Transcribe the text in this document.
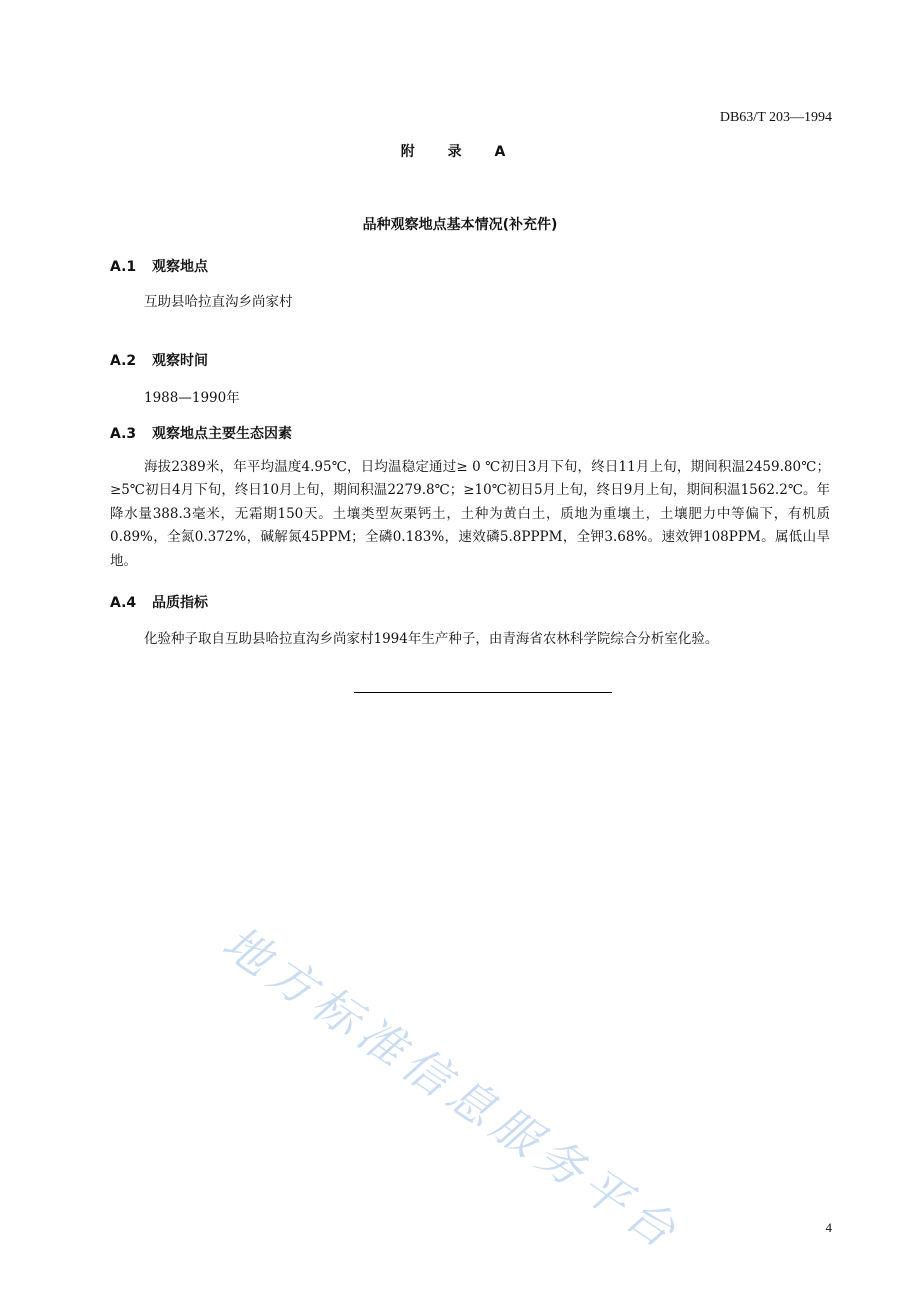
DB63/T 203—1994
附 录 A
品种观察地点基本情况(补充件)
A.1 观察地点
互助县哈拉直沟乡尚家村
A.2 观察时间
1988—1990年
A.3 观察地点主要生态因素
海拔2389米，年平均温度4.95℃，日均温稳定通过≥ 0 ℃初日3月下旬，终日11月上旬，期间积温2459.80℃；≥5℃初日4月下旬，终日10月上旬，期间积温2279.8℃；≥10℃初日5月上旬，终日9月上旬，期间积温1562.2℃。年降水量388.3毫米，无霜期150天。土壤类型灰栗钙土，土种为黄白土，质地为重壤土，土壤肥力中等偏下，有机质0.89%，全氮0.372%，碱解氮45PPM；全磷0.183%，速效磷5.8PPPM，全钾3.68%。速效钾108PPM。属低山旱地。
A.4 品质指标
化验种子取自互助县哈拉直沟乡尚家村1994年生产种子，由青海省农林科学院综合分析室化验。
地方标准信息服务平台	4
